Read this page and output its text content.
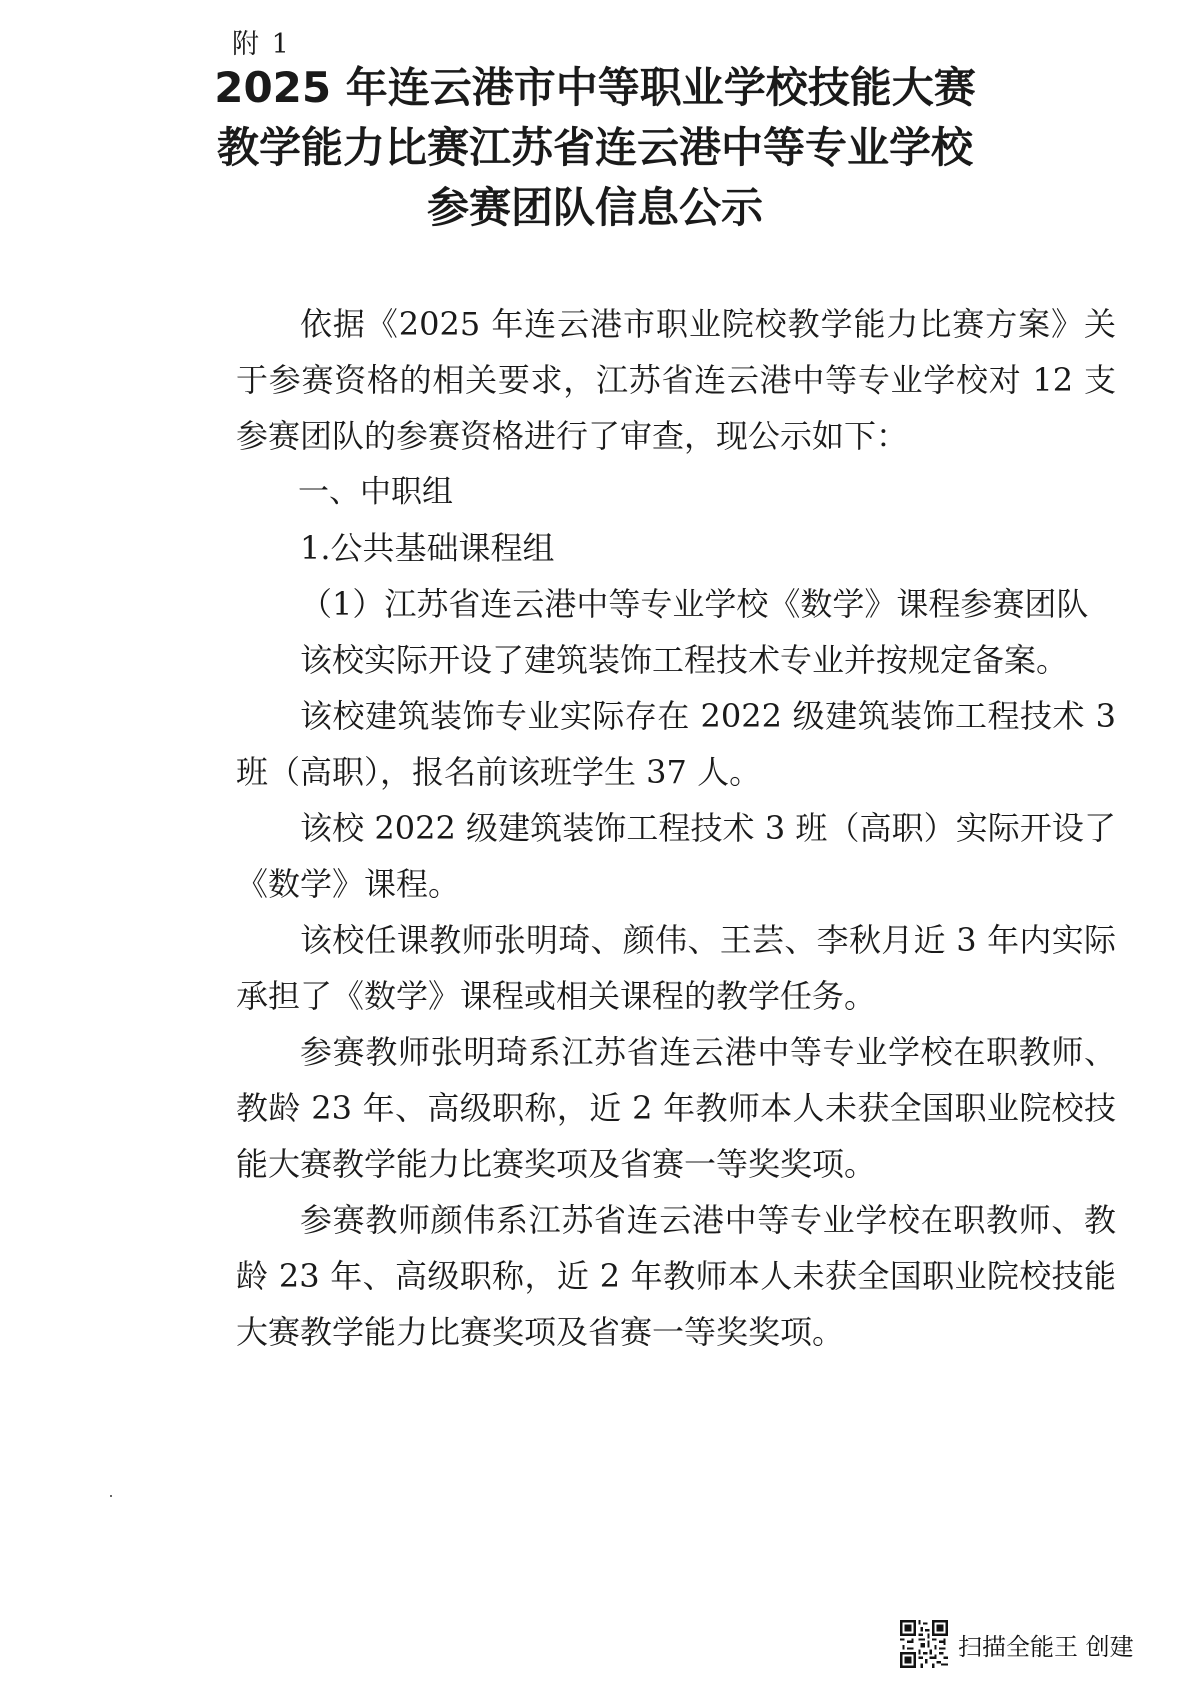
附 1
2025 年连云港市中等职业学校技能大赛
教学能力比赛江苏省连云港中等专业学校
参赛团队信息公示

依据《2025 年连云港市职业院校教学能力比赛方案》关于参赛资格的相关要求，江苏省连云港中等专业学校对 12 支参赛团队的参赛资格进行了审查，现公示如下：

一、中职组

1.公共基础课程组

（1）江苏省连云港中等专业学校《数学》课程参赛团队

该校实际开设了建筑装饰工程技术专业并按规定备案。

该校建筑装饰专业实际存在 2022 级建筑装饰工程技术 3 班（高职），报名前该班学生 37 人。

该校 2022 级建筑装饰工程技术 3 班（高职）实际开设了《数学》课程。

该校任课教师张明琦、颜伟、王芸、李秋月近 3 年内实际承担了《数学》课程或相关课程的教学任务。

参赛教师张明琦系江苏省连云港中等专业学校在职教师、教龄 23 年、高级职称，近 2 年教师本人未获全国职业院校技能大赛教学能力比赛奖项及省赛一等奖奖项。

参赛教师颜伟系江苏省连云港中等专业学校在职教师、教龄 23 年、高级职称，近 2 年教师本人未获全国职业院校技能大赛教学能力比赛奖项及省赛一等奖奖项。

扫描全能王 创建
